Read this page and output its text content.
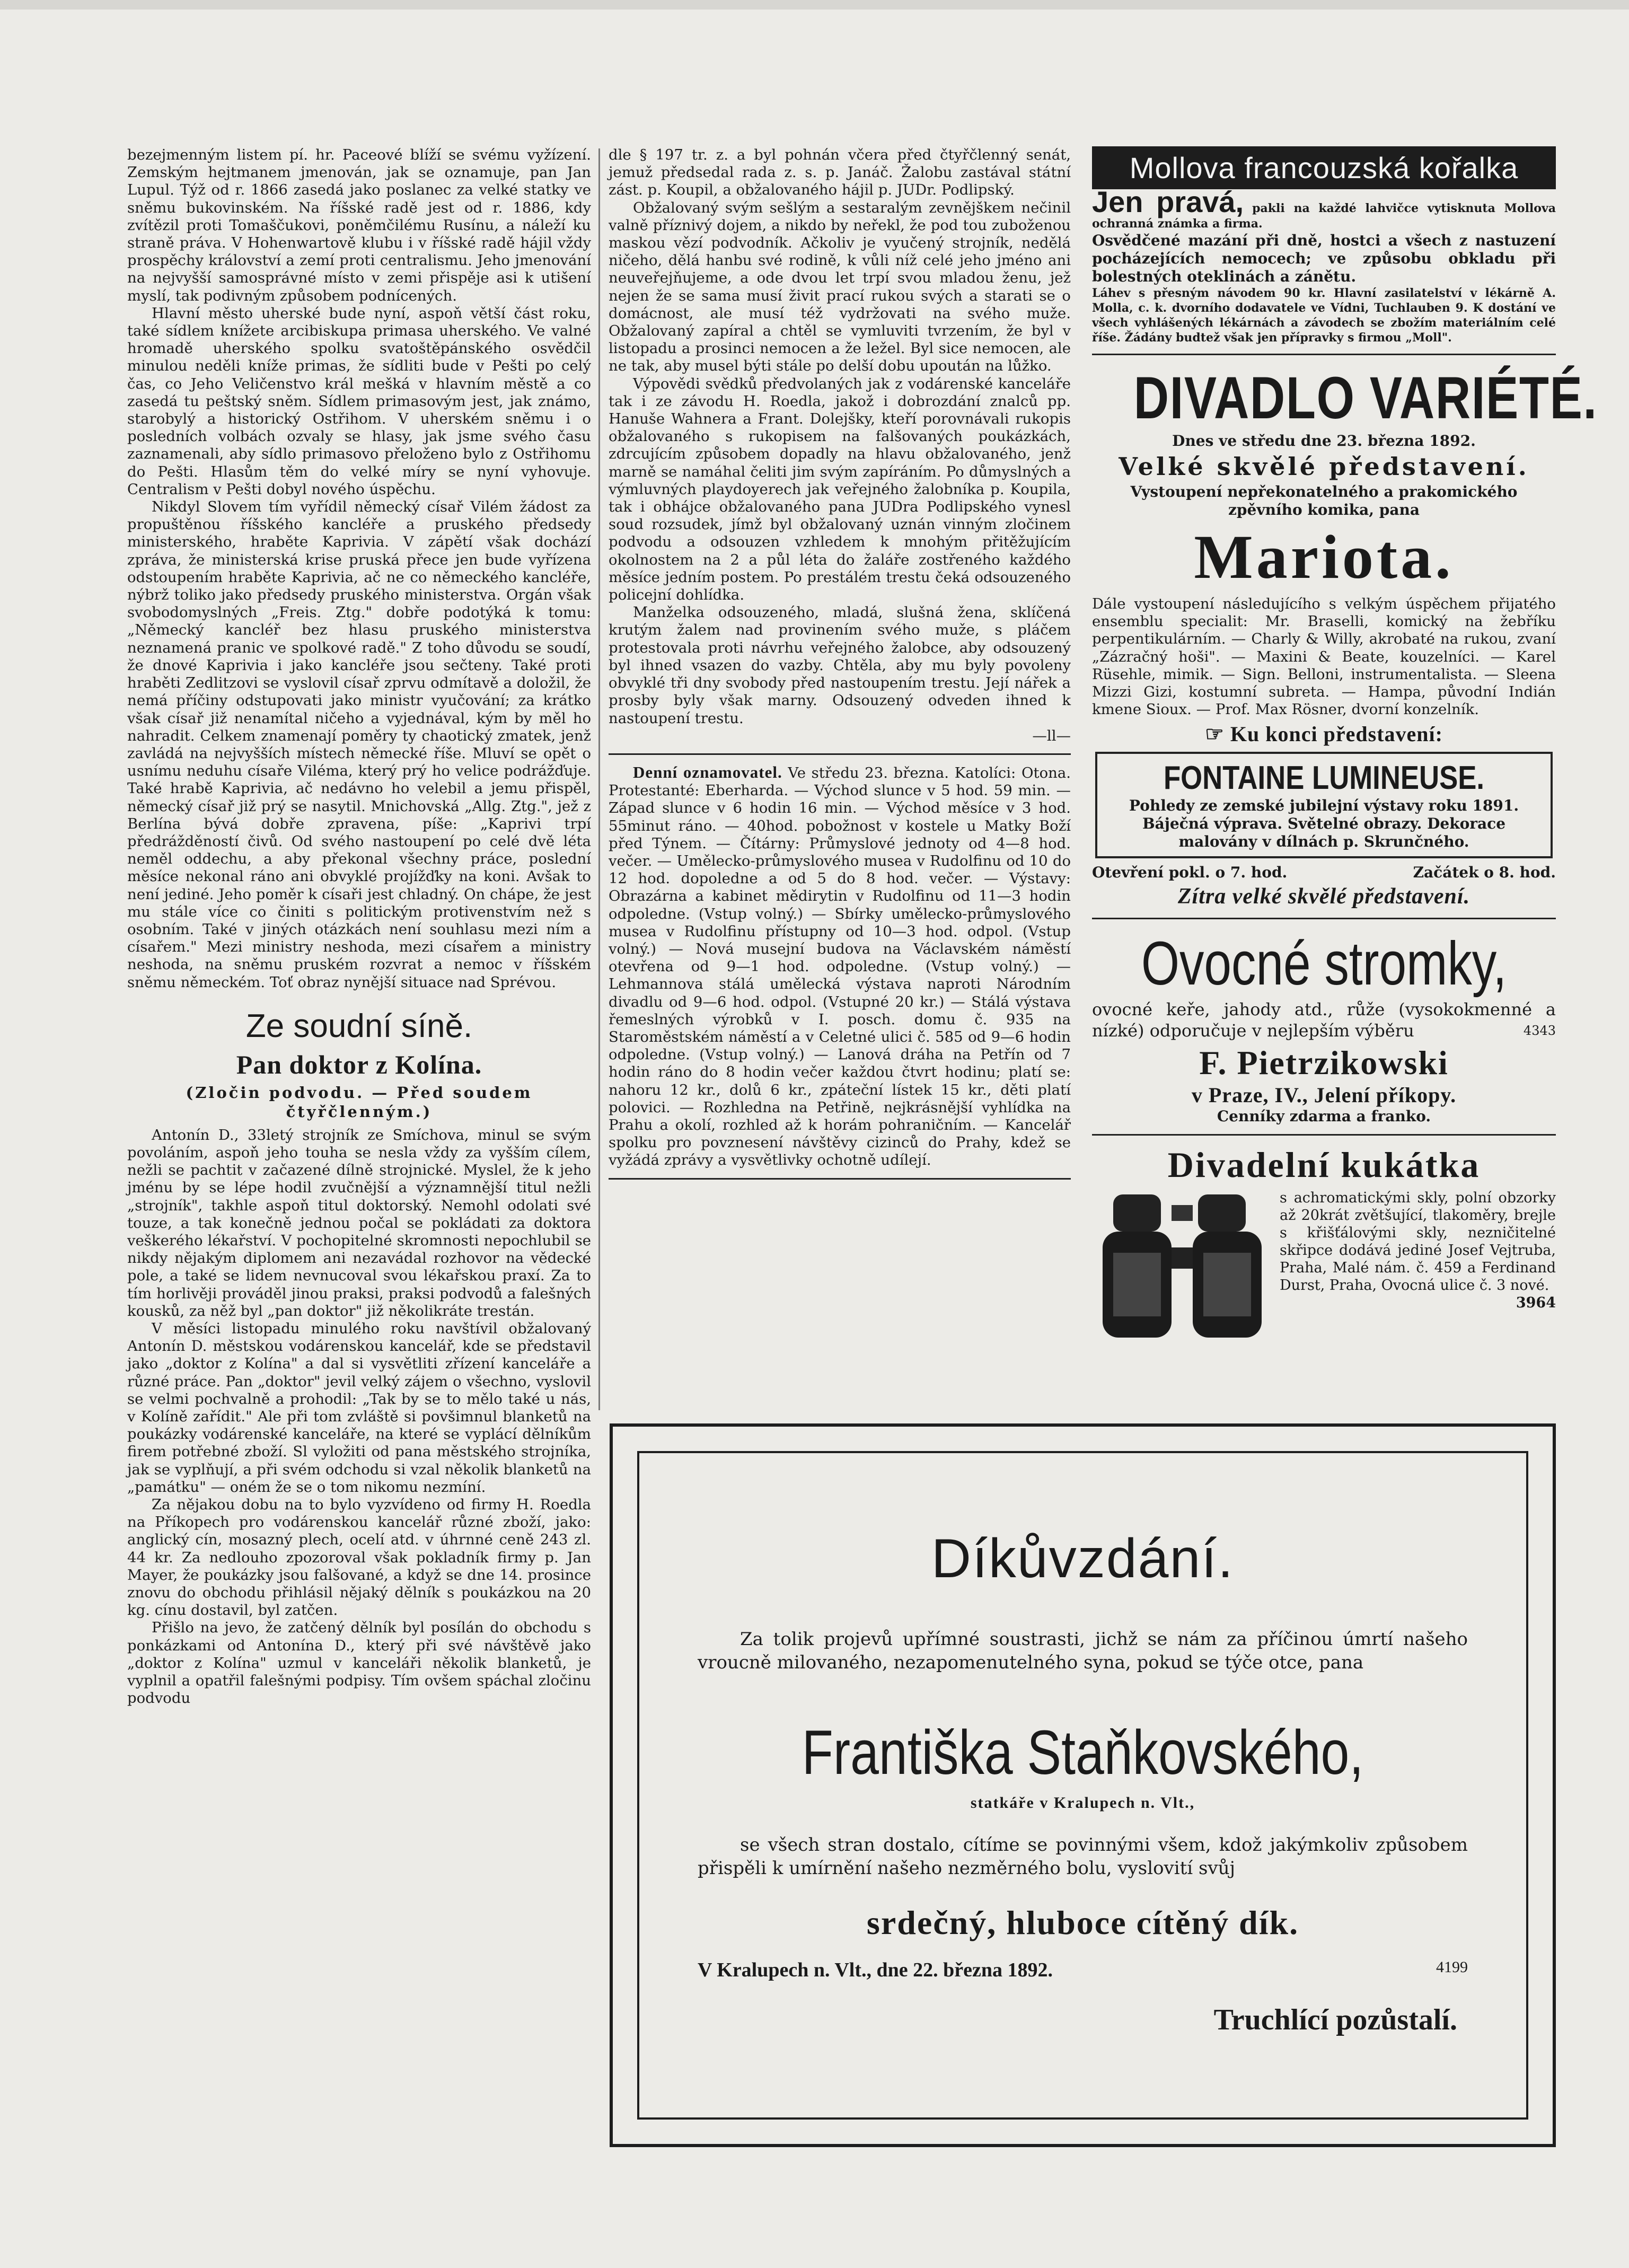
bezejmenným listem pí. hr. Paceové blíží se svému vyžízení. Zemským hejtmanem jmenován, jak se oznamuje, pan Jan Lupul. Týž od r. 1866 zasedá jako poslanec za velké statky ve sněmu bukovinském. Na říšské radě jest od r. 1886, kdy zvítězil proti Tomaščukovi, poněmčilému Rusínu, a náleží ku straně práva. V Hohenwartově klubu i v říšské radě hájil vždy prospěchy království a zemí proti centralismu. Jeho jmenování na nejvyšší samosprávné místo v zemi přispěje asi k utišení myslí, tak podivným způsobem podnícených.

Hlavní město uherské bude nyní, aspoň větší část roku, také sídlem knížete arcibiskupa primasa uherského. Ve valné hromadě uherského spolku svatoštěpánského osvědčil minulou neděli kníže primas, že sídliti bude v Pešti po celý čas, co Jeho Veličenstvo král mešká v hlavním městě a co zasedá tu peštský sněm. Sídlem primasovým jest, jak známo, starobylý a historický Ostřihom. V uherském sněmu i o posledních volbách ozvaly se hlasy, jak jsme svého času zaznamenali, aby sídlo primasovo přeloženo bylo z Ostřihomu do Pešti. Hlasům těm do velké míry se nyní vyhovuje. Centralism v Pešti dobyl nového úspěchu.

Nikdyl Slovem tím vyřídil německý císař Vilém žádost za propuštěnou říšského kancléře a pruského předsedy ministerského, hraběte Kaprivia. V zápětí však dochází zpráva, že ministerská krise pruská přece jen bude vyřízena odstoupením hraběte Kaprivia, ač ne co německého kancléře, nýbrž toliko jako předsedy pruského ministerstva. Orgán však svobodomyslných „Freis. Ztg." dobře podotýká k tomu: „Německý kancléř bez hlasu pruského ministerstva neznamená pranic ve spolkové radě." Z toho důvodu se soudí, že dnové Kaprivia i jako kancléře jsou sečteny. Také proti hraběti Zedlitzovi se vyslovil císař zprvu odmítavě a doložil, že nemá příčiny odstupovati jako ministr vyučování; za krátko však císař již nenamítal ničeho a vyjednával, kým by měl ho nahradit. Celkem znamenají poměry ty chaotický zmatek, jenž zavládá na nejvyšších místech německé říše. Mluví se opět o usnímu neduhu císaře Viléma, který prý ho velice podrážďuje. Také hrabě Kaprivia, ač nedávno ho velebil a jemu přispěl, německý císař již prý se nasytil. Mnichovská „Allg. Ztg.", jež z Berlína bývá dobře zpravena, píše: „Kaprivi trpí předrážděností čivů. Od svého nastoupení po celé dvě léta neměl oddechu, a aby překonal všechny práce, poslední měsíce nekonal ráno ani obvyklé projížďky na koni. Avšak to není jediné. Jeho poměr k císaři jest chladný. On chápe, že jest mu stále více co činiti s politickým protivenstvím než s osobním. Také v jiných otázkách není souhlasu mezi ním a císařem." Mezi ministry neshoda, mezi císařem a ministry neshoda, na sněmu pruském rozvrat a nemoc v říšském sněmu německém. Toť obraz nynější situace nad Sprévou.

Ze soudní síně.
Pan doktor z Kolína.
(Zločin podvodu. — Před soudem čtyřčlenným.)

Antonín D., 33letý strojník ze Smíchova, minul se svým povoláním, aspoň jeho touha se nesla vždy za vyšším cílem, nežli se pachtit v začazené dílně strojnické. Myslel, že k jeho jménu by se lépe hodil zvučnější a významnější titul nežli „strojník", takhle aspoň titul doktorský. Nemohl odolati své touze, a tak konečně jednou počal se pokládati za doktora veškerého lékařství. V pochopitelné skromnosti nepochlubil se nikdy nějakým diplomem ani nezavádal rozhovor na vědecké pole, a také se lidem nevnucoval svou lékařskou praxí. Za to tím horlivěji prováděl jinou praksi, praksi podvodů a falešných kousků, za něž byl „pan doktor" již několikráte trestán.

V měsíci listopadu minulého roku navštívil obžalovaný Antonín D. městskou vodárenskou kancelář, kde se představil jako „doktor z Kolína" a dal si vysvětliti zřízení kanceláře a různé práce. Pan „doktor" jevil velký zájem o všechno, vyslovil se velmi pochvalně a prohodil: „Tak by se to mělo také u nás, v Kolíně zařídit." Ale při tom zvláště si povšimnul blanketů na poukázky vodárenské kanceláře, na které se vyplácí dělníkům firem potřebné zboží. Sl vyložiti od pana městského strojníka, jak se vyplňují, a při svém odchodu si vzal několik blanketů na „památku" — oném že se o tom nikomu nezmíní.

Za nějakou dobu na to bylo vyzvídeno od firmy H. Roedla na Příkopech pro vodárenskou kancelář různé zboží, jako: anglický cín, mosazný plech, ocelí atd. v úhrnné ceně 243 zl. 44 kr. Za nedlouho zpozoroval však pokladník firmy p. Jan Mayer, že poukázky jsou falšované, a když se dne 14. prosince znovu do obchodu přihlásil nějaký dělník s poukázkou na 20 kg. cínu dostavil, byl zatčen.

Přišlo na jevo, že zatčený dělník byl posílán do obchodu s ponkázkami od Antonína D., který při své návštěvě jako „doktor z Kolína" uzmul v kanceláři několik blanketů, je vyplnil a opatřil falešnými podpisy. Tím ovšem spáchal zločinu podvodu

dle § 197 tr. z. a byl pohnán včera před čtyřčlenný senát, jemuž předsedal rada z. s. p. Janáč. Žalobu zastával státní zást. p. Koupil, a obžalovaného hájil p. JUDr. Podlipský.

Obžalovaný svým sešlým a sestaralým zevnějškem nečinil valně příznivý dojem, a nikdo by neřekl, že pod tou zuboženou maskou vězí podvodník. Ačkoliv je vyučený strojník, nedělá ničeho, dělá hanbu své rodině, k vůli níž celé jeho jméno ani neuveřejňujeme, a ode dvou let trpí svou mladou ženu, jež nejen že se sama musí živit prací rukou svých a starati se o domácnost, ale musí též vydržovati na svého muže. Obžalovaný zapíral a chtěl se vymluviti tvrzením, že byl v listopadu a prosinci nemocen a že ležel. Byl sice nemocen, ale ne tak, aby musel býti stále po delší dobu upoután na lůžko.

Výpovědi svědků předvolaných jak z vodárenské kanceláře tak i ze závodu H. Roedla, jakož i dobrozdání znalců pp. Hanuše Wahnera a Frant. Dolejšky, kteří porovnávali rukopis obžalovaného s rukopisem na falšovaných poukázkách, zdrcujícím způsobem dopadly na hlavu obžalovaného, jenž marně se namáhal čeliti jim svým zapíráním. Po důmyslných a výmluvných playdoyerech jak veřejného žalobníka p. Koupila, tak i obhájce obžalovaného pana JUDra Podlipského vynesl soud rozsudek, jímž byl obžalovaný uznán vinným zločinem podvodu a odsouzen vzhledem k mnohým přitěžujícím okolnostem na 2 a půl léta do žaláře zostřeného každého měsíce jedním postem. Po prestálém trestu čeká odsouzeného policejní dohlídka.

Manželka odsouzeného, mladá, slušná žena, sklíčená krutým žalem nad provinením svého muže, s pláčem protestovala proti návrhu veřejného žalobce, aby odsouzený byl ihned vsazen do vazby. Chtěla, aby mu byly povoleny obvyklé tři dny svobody před nastoupením trestu. Její nářek a prosby byly však marny. Odsouzený odveden ihned k nastoupení trestu.

—ll—

Denní oznamovatel. Ve středu 23. března. Katolíci: Otona. Protestanté: Eberharda. — Východ slunce v 5 hod. 59 min. — Západ slunce v 6 hodin 16 min. — Východ měsíce v 3 hod. 55minut ráno. — 40hod. pobožnost v kostele u Matky Boží před Týnem. — Čítárny: Průmyslové jednoty od 4—8 hod. večer. — Umělecko-průmyslového musea v Rudolfinu od 10 do 12 hod. dopoledne a od 5 do 8 hod. večer. — Výstavy: Obrazárna a kabinet mědirytin v Rudolfinu od 11—3 hodin odpoledne. (Vstup volný.) — Sbírky umělecko-průmyslového musea v Rudolfinu přístupny od 10—3 hod. odpol. (Vstup volný.) — Nová musejní budova na Václavském náměstí otevřena od 9—1 hod. odpoledne. (Vstup volný.) — Lehmannova stálá umělecká výstava naproti Národním divadlu od 9—6 hod. odpol. (Vstupné 20 kr.) — Stálá výstava řemeslných výrobků v I. posch. domu č. 935 na Staroměstském náměstí a v Celetné ulici č. 585 od 9—6 hodin odpoledne. (Vstup volný.) — Lanová dráha na Petřín od 7 hodin ráno do 8 hodin večer každou čtvrt hodinu; platí se: nahoru 12 kr., dolů 6 kr., zpáteční lístek 15 kr., děti platí polovici. — Rozhledna na Petřině, nejkrásnější vyhlídka na Prahu a okolí, rozhled až k horám pohraničním. — Kancelář spolku pro povznesení návštěvy cizinců do Prahy, kdež se vyžádá zprávy a vysvětlivky ochotně udílejí.

Mollova francouzská kořalka

Jen pravá, pakli na každé lahvičce vytisknuta Mollova ochranná známka a firma.

Osvědčené mazání při dně, hostci a všech z nastuzení pocházejících nemocech; ve způsobu obkladu při bolestných oteklinách a zánětu.

Láhev s přesným návodem 90 kr. Hlavní zasilatelství v lékárně A. Molla, c. k. dvorního dodavatele ve Vídni, Tuchlauben 9. K dostání ve všech vyhlášených lékárnách a závodech se zbožím materiálním celé říše. Žádány budtež však jen přípravky s firmou „Moll".

DIVADLO VARIÉTÉ.

Dnes ve středu dne 23. března 1892.

Velké skvělé představení.

Vystoupení nepřekonatelného a prakomického zpěvního komika, pana

Mariota.

Dále vystoupení následujícího s velkým úspěchem přijatého ensemblu specialit: Mr. Braselli, komický na žebříku perpentikulárním. — Charly & Willy, akrobaté na rukou, zvaní „Zázračný hoši". — Maxini & Beate, kouzelníci. — Karel Rüsehle, mimik. — Sign. Belloni, instrumentalista. — Sleena Mizzi Gizi, kostumní subreta. — Hampa, původní Indián kmene Sioux. — Prof. Max Rösner, dvorní konzelník.

☞ Ku konci představení:

FONTAINE LUMINEUSE.

Pohledy ze zemské jubilejní výstavy roku 1891. Báječná výprava. Světelné obrazy. Dekorace malovány v dílnách p. Skrunčného.

Otevření pokl. o 7. hod.	Začátek o 8. hod.

Zítra velké skvělé představení.

Ovocné stromky,

ovocné keře, jahody atd., růže (vysokokmenné a nízké) odporučuje v nejlepším výběru	4343

F. Pietrzikowski

v Praze, IV., Jelení příkopy.

Cenníky zdarma a franko.

Divadelní kukátka
s achromatickými skly, polní obzorky až 20krát zvětšující, tlakoměry, brejle s křišťálovými skly, nezničitelné skřipce dodává jediné Josef Vejtruba, Praha, Malé nám. č. 459 a Ferdinand Durst, Praha, Ovocná ulice č. 3 nové.
3964
Díkůvzdání.

Za tolik projevů upřímné soustrasti, jichž se nám za příčinou úmrtí našeho vroucně milovaného, nezapomenutelného syna, pokud se týče otce, pana

Františka Staňkovského,
statkáře v Kralupech n. Vlt.,

se všech stran dostalo, cítíme se povinnými všem, kdož jakýmkoliv způsobem přispěli k umírnění našeho nezměrného bolu, vyslovití svůj

srdečný, hluboce cítěný dík.

V Kralupech n. Vlt., dne 22. března 1892.	4199

Truchlící pozůstalí.
